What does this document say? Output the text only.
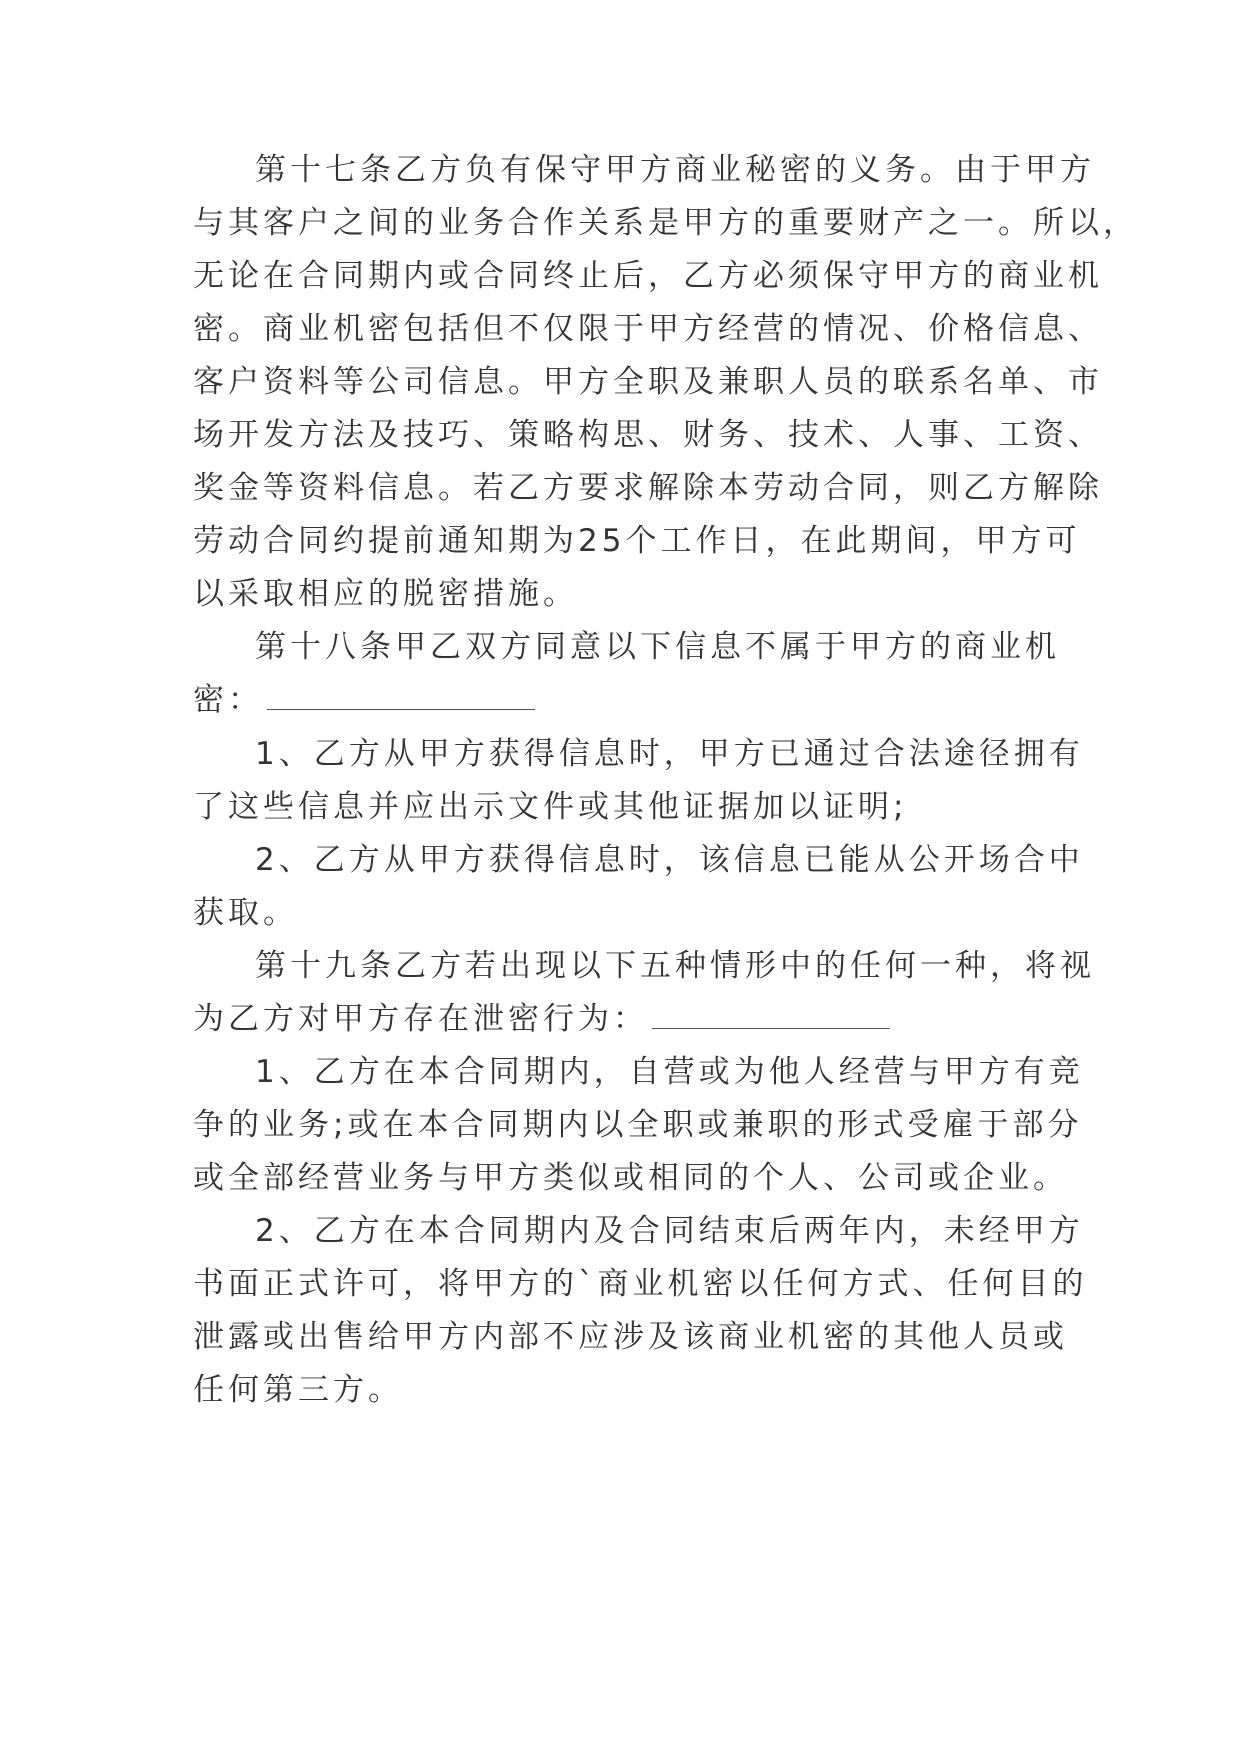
第十七条乙方负有保守甲方商业秘密的义务。由于甲方
与其客户之间的业务合作关系是甲方的重要财产之一。所以，
无论在合同期内或合同终止后，乙方必须保守甲方的商业机
密。商业机密包括但不仅限于甲方经营的情况、价格信息、
客户资料等公司信息。甲方全职及兼职人员的联系名单、市
场开发方法及技巧、策略构思、财务、技术、人事、工资、
奖金等资料信息。若乙方要求解除本劳动合同，则乙方解除
劳动合同约提前通知期为25个工作日，在此期间，甲方可
以采取相应的脱密措施。
第十八条甲乙双方同意以下信息不属于甲方的商业机
密：
1、乙方从甲方获得信息时，甲方已通过合法途径拥有
了这些信息并应出示文件或其他证据加以证明;
2、乙方从甲方获得信息时，该信息已能从公开场合中
获取。
第十九条乙方若出现以下五种情形中的任何一种，将视
为乙方对甲方存在泄密行为：
1、乙方在本合同期内，自营或为他人经营与甲方有竞
争的业务;或在本合同期内以全职或兼职的形式受雇于部分
或全部经营业务与甲方类似或相同的个人、公司或企业。
2、乙方在本合同期内及合同结束后两年内，未经甲方
书面正式许可，将甲方的`商业机密以任何方式、任何目的
泄露或出售给甲方内部不应涉及该商业机密的其他人员或
任何第三方。
